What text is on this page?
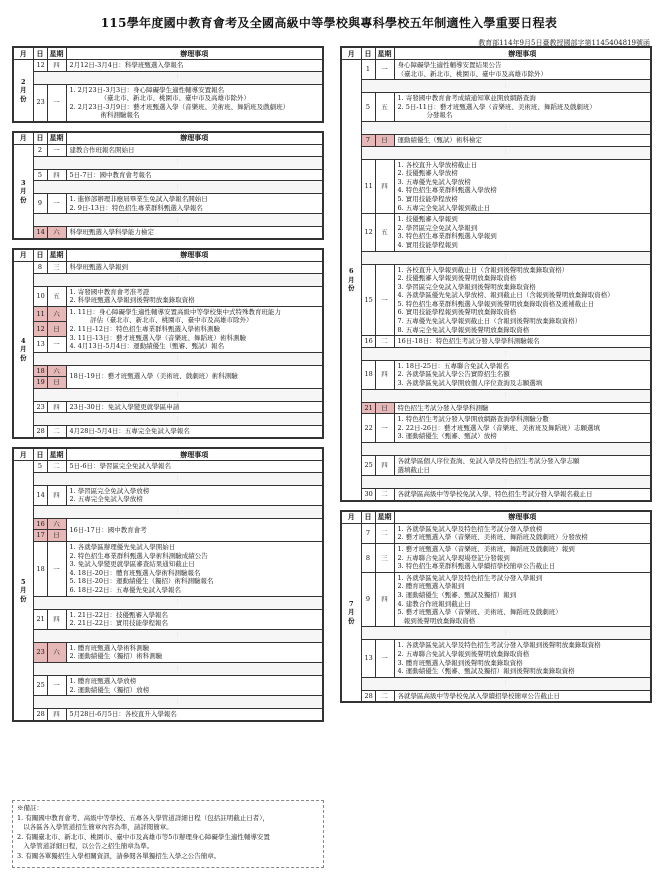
115學年度國中教育會考及全國高級中等學校與專科學校五年制適性入學重要日程表
教育部114年9月5日臺教授國部字第1145404819號函
月	日	星期	辦理事項
2
月
份	12	四	2月12日-3月4日：科學班甄選入學報名
⋮
23	一	1. 2月23日-3月3日：身心障礙學生適性輔導安置報名
（臺北市、新北市、桃園市、臺中市及高雄市除外）
2. 2月23日-3月9日：藝才班甄選入學（音樂班、美術班、舞蹈班及戲劇班）
術科測驗報名
月	日	星期	辦理事項
3
月
份	2	一	建教合作班報名開始日
⋮
5	四	5日-7日：國中教育會考報名
⋮
9	一	1. 進修部辦理非應屆畢業生免試入學報名開始日
2. 9日-13日：特色招生專業群科甄選入學報名
⋮
14	六	科學班甄選入學科學能力檢定
月	日	星期	辦理事項
4
月
份	8	三	科學班甄選入學報到
⋮
10	五	1. 寄發國中教育會考准考證
2. 科學班甄選入學報到後聲明放棄錄取資格
11	六	1. 11日：身心障礙學生適性輔導安置高級中等學校集中式特殊教育班能力
評估（臺北市、新北市、桃園市、臺中市及高雄市除外）
2. 11日-12日：特色招生專業群科甄選入學術科測驗
3. 11日-13日：藝才班甄選入學（音樂班、舞蹈班）術科測驗
4. 4月13日-5月4日：運動績優生（甄審、甄試）報名
12	日
13	一
⋮
18	六	18日-19日：藝才班甄選入學（美術班、戲劇班）術科測驗
19	日
⋮
23	四	23日-30日：免試入學變更就學區申請
⋮
28	二	4月28日-5月4日：五專完全免試入學報名
月	日	星期	辦理事項
5
月
份	5	二	5日-6日：學習區完全免試入學報名
⋮
14	四	1. 學習區完全免試入學放榜
2. 五專完全免試入學放榜
⋮
16	六	16日-17日：國中教育會考
17	日
18	一	1. 各就學區辦理優先免試入學開始日
2. 特色招生專業群科甄選入學術科測驗成績公告
3. 免試入學變更就學區審查結果通知截止日
4. 18日-20日：體育班甄選入學術科測驗報名
5. 18日-20日：運動績優生（獨招）術科測驗報名
6. 18日-22日：五專優先免試入學報名
⋮
21	四	1. 21日-22日：技優甄審入學報名
2. 21日-22日：實用技能學程報名
⋮
23	六	1. 體育班甄選入學術科測驗
2. 運動績優生（獨招）術科測驗
⋮
25	一	1. 體育班甄選入學放榜
2. 運動績優生（獨招）放榜
⋮
28	四	5月28日-6月5日：各校直升入學報名
月	日	星期	辦理事項
6
月
份	1	一	身心障礙學生適性輔導安置結果公告
（臺北市、新北市、桃園市、臺中市及高雄市除外）
⋮
5	五	1. 寄發國中教育會考成績通知單並開放網路查詢
2. 5日-11日：藝才班甄選入學（音樂班、美術班、舞蹈班及戲劇班）
分發報名
⋮
7	日	運動績優生（甄試）術科檢定
⋮
11	四	1. 各校直升入學放榜截止日
2. 技優甄審入學放榜
3. 五專優先免試入學放榜
4. 特色招生專業群科甄選入學放榜
5. 實用技能學程放榜
6. 五專完全免試入學報到截止日
12	五	1. 技優甄審入學報到
2. 學習區完全免試入學報到
3. 特色招生專業群科甄選入學報到
4. 實用技能學程報到
⋮
15	一	1. 各校直升入學報到截止日（含報到後聲明放棄錄取資格）
2. 技優甄審入學報到後聲明放棄錄取資格
3. 學習區完全免試入學報到後聲明放棄錄取資格
4. 各就學區優先免試入學放榜、報到截止日（含報到後聲明放棄錄取資格）
5. 特色招生專業群科甄選入學報到後聲明放棄錄取資格及遞補截止日
6. 實用技能學程報到後聲明放棄錄取資格
7. 五專優先免試入學報到截止日（含報到後聲明放棄錄取資格）
8. 五專完全免試入學報到後聲明放棄錄取資格
16	二	16日-18日：特色招生考試分發入學學科測驗報名
⋮
18	四	1. 18日-25日：五專聯合免試入學報名
2. 各就學區免試入學公告實際招生名額
3. 各就學區免試入學開放個人序位查詢及志願選填
⋮
21	日	特色招生考試分發入學學科測驗
22	一	1. 特色招生考試分發入學開放網路查詢學科測驗分數
2. 22日-26日：藝才班甄選入學（音樂班、美術班及舞蹈班）志願選填
3. 運動績優生（甄審、甄試）放榜
⋮
25	四	各就學區個人序位查詢、免試入學及特色招生考試分發入學志願
選填截止日
⋮
30	二	各就學區高級中等學校免試入學、特色招生考試分發入學報名截止日
月	日	星期	辦理事項
7
月
份	7	二	1. 各就學區免試入學及特色招生考試分發入學放榜
2. 藝才班甄選入學（音樂班、美術班、舞蹈班及戲劇班）分發放榜
8	三	1. 藝才班甄選入學（音樂班、美術班、舞蹈班及戲劇班）報到
2. 五專聯合免試入學現場登記分發報到
3. 特色招生專業群科甄選入學續招學校簡章公告截止日
9	四	1. 各就學區免試入學及特色招生考試分發入學報到
2. 體育班甄選入學報到
3. 運動績優生（甄審、甄試及獨招）報到
4. 建教合作班報到截止日
5. 藝才班甄選入學（音樂班、美術班、舞蹈班及戲劇班）
報到後聲明放棄錄取資格
⋮
13	一	1. 各就學區免試入學及特色招生考試分發入學報到後聲明放棄錄取資格
2. 五專聯合免試入學報到後聲明放棄錄取資格
3. 體育班甄選入學報到後聲明放棄錄取資格
4. 運動績優生（甄審、甄試及獨招）報到後聲明放棄錄取資格
⋮
28	二	各就學區高級中等學校免試入學續招學校簡章公告截止日
※備註：
1. 有關國中教育會考、高級中等學校、五專各入學管道詳細日程（包括註明截止日者），
以各區各入學管道招生簡章內容為準，請詳閱簡章。
2. 有關臺北市、新北市、桃園市、臺中市及高雄市等5市辦理身心障礙學生適性輔導安置
入學管道詳細日程，以公告之招生簡章為準。
3. 有關各單獨招生入學相關資訊，請參閱各單獨招生入學之公告簡章。
